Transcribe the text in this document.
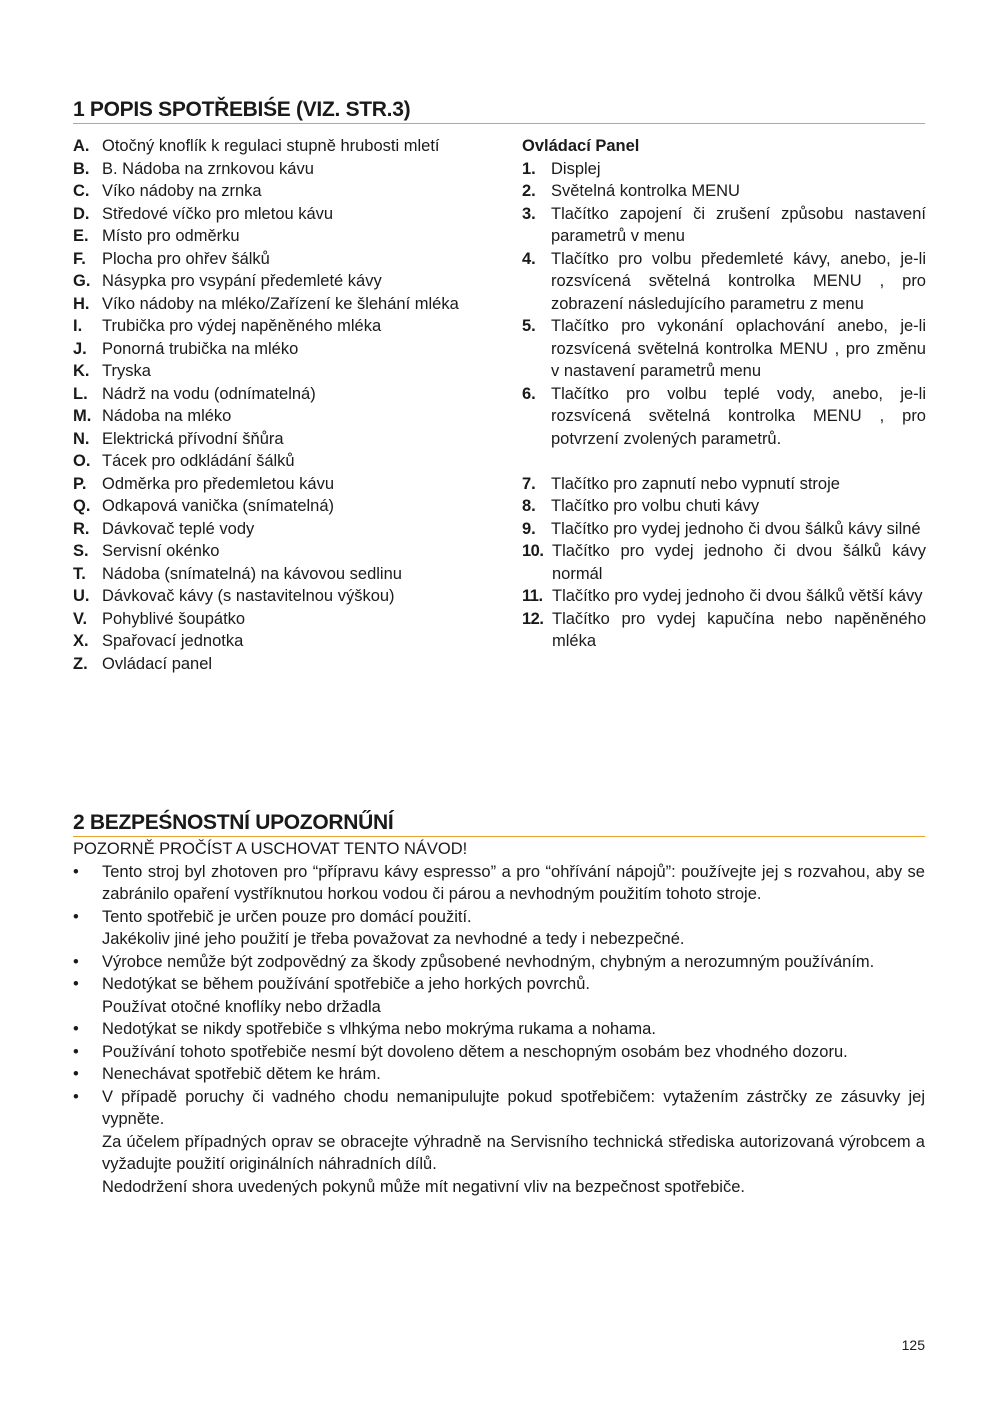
1 POPIS SPOTŘEBIŚE (VIZ. STR.3)
A. Otočný knoflík k regulaci stupně hrubosti mletí
B. B. Nádoba na zrnkovou kávu
C. Víko nádoby na zrnka
D. Středové víčko pro mletou kávu
E. Místo pro odměrku
F. Plocha pro ohřev šálků
G. Násypka pro vsypání předemleté kávy
H. Víko nádoby na mléko/Zařízení ke šlehání mléka
I.	Trubička pro výdej napěněného mléka
J. Ponorná trubička na mléko
K. Tryska
L. Nádrž na vodu (odnímatelná)
M. Nádoba na mléko
N. Elektrická přívodní šňůra
O. Tácek pro odkládání šálků
P. Odměrka pro předemletou kávu
Q. Odkapová vanička (snímatelná)
R. Dávkovač teplé vody
S. Servisní okénko
T. Nádoba (snímatelná) na kávovou sedlinu
U. Dávkovač kávy (s nastavitelnou výškou)
V. Pohyblivé šoupátko
X. Spařovací jednotka
Z. Ovládací panel
Ovládací Panel
1. Displej
2. Světelná kontrolka MENU
3. Tlačítko zapojení či zrušení způsobu nastavení parametrů v menu
4. Tlačítko pro volbu předemleté kávy, anebo, je-li rozsvícená světelná kontrolka MENU , pro zobrazení následujícího parametru z menu
5. Tlačítko pro vykonání oplachování anebo, je-li rozsvícená světelná kontrolka MENU , pro změnu v nastavení parametrů menu
6. Tlačítko pro volbu teplé vody, anebo, je-li rozsvícená světelná kontrolka MENU , pro potvrzení zvolených parametrů.
7. Tlačítko pro zapnutí nebo vypnutí stroje
8. Tlačítko pro volbu chuti kávy
9. Tlačítko pro vydej jednoho či dvou šálků kávy silné
10. Tlačítko pro vydej jednoho či dvou šálků kávy normál
11. Tlačítko pro vydej jednoho či dvou šálků větší kávy
12. Tlačítko pro vydej kapučína nebo napěněného mléka
2 BEZPEŚNOSTNÍ UPOZORNŰNÍ
POZORNĚ PROČÍST A USCHOVAT TENTO NÁVOD!
•	Tento stroj byl zhotoven pro “přípravu kávy espresso” a pro “ohřívání nápojů”: používejte jej s rozvahou, aby se zabránilo opaření vystříknutou horkou vodou či párou a nevhodným použitím tohoto stroje.

•	Tento spotřebič je určen pouze pro domácí použití.

Jakékoliv jiné jeho použití je třeba považovat za nevhodné a tedy i nebezpečné.

•	Výrobce nemůže být zodpovědný za škody způsobené nevhodným, chybným a nerozumným používáním.

•	Nedotýkat se během používání spotřebiče a jeho horkých povrchů.

Používat otočné knoflíky nebo držadla

•	Nedotýkat se nikdy spotřebiče s vlhkýma nebo mokrýma rukama a nohama.

•	Používání tohoto spotřebiče nesmí být dovoleno dětem a neschopným osobám bez vhodného dozoru.

•	Nenechávat spotřebič dětem ke hrám.

•	V případě poruchy či vadného chodu nemanipulujte pokud spotřebičem: vytažením zástrčky ze zásuvky jej vypněte.

Za účelem případných oprav se obracejte výhradně na Servisního technická střediska autorizovaná výrobcem a vyžadujte použití originálních náhradních dílů.

Nedodržení shora uvedených pokynů může mít negativní vliv na bezpečnost spotřebiče.

125
